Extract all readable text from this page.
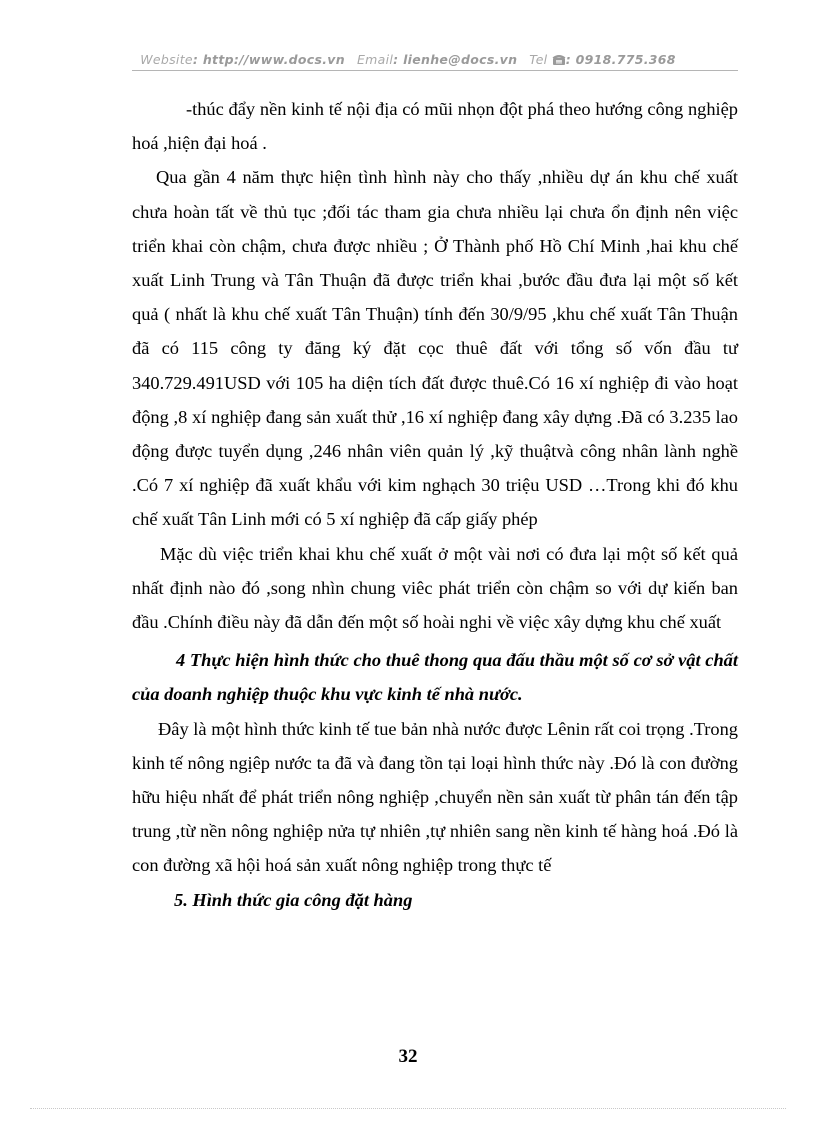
Website: http://www.docs.vn Email: lienhe@docs.vn Tel : 0918.775.368

-thúc đẩy nền kinh tế nội địa có mũi nhọn đột phá theo hướng công nghiệp hoá ,hiện đại hoá .

Qua gần 4 năm thực hiện tình hình này cho thấy ,nhiều dự án khu chế xuất chưa hoàn tất về thủ tục ;đối tác tham gia chưa nhiều lại chưa ổn định nên việc triển khai còn chậm, chưa được nhiều ; Ở Thành phố Hồ Chí Minh ,hai khu chế xuất Linh Trung và Tân Thuận đã được triển khai ,bước đầu đưa lại một số kết quả ( nhất là khu chế xuất Tân Thuận) tính đến 30/9/95 ,khu chế xuất Tân Thuận đã có 115 công ty đăng ký đặt cọc thuê đất với tổng số vốn đầu tư 340.729.491USD với 105 ha diện tích đất được thuê.Có 16 xí nghiệp đi vào hoạt động ,8 xí nghiệp đang sản xuất thử ,16 xí nghiệp đang xây dựng .Đã có 3.235 lao động được tuyển dụng ,246 nhân viên quản lý ,kỹ thuậtvà công nhân lành nghề .Có 7 xí nghiệp đã xuất khẩu với kim nghạch 30 triệu USD …Trong khi đó khu chế xuất Tân Linh mới có 5 xí nghiệp đã cấp giấy phép

Mặc dù việc triển khai khu chế xuất ở một vài nơi có đưa lại một số kết quả nhất định nào đó ,song nhìn chung viêc phát triển còn chậm so với dự kiến ban đầu .Chính điều này đã dẫn đến một số hoài nghi về việc xây dựng khu chế xuất

4 Thực hiện hình thức cho thuê thong qua đấu thầu một số cơ sở vật chất của doanh nghiệp thuộc khu vực kinh tế nhà nước.

Đây là một hình thức kinh tế tue bản nhà nước được Lênin rất coi trọng .Trong kinh tế nông ngịêp nước ta đã và đang tồn tại loại hình thức này .Đó là con đường hữu hiệu nhất để phát triển nông nghiệp ,chuyển nền sản xuất từ phân tán đến tập trung ,từ nền nông nghiệp nửa tự nhiên ,tự nhiên sang nền kinh tế hàng hoá .Đó là con đường xã hội hoá sản xuất nông nghiệp trong thực tế

5. Hình thức gia công đặt hàng

32
